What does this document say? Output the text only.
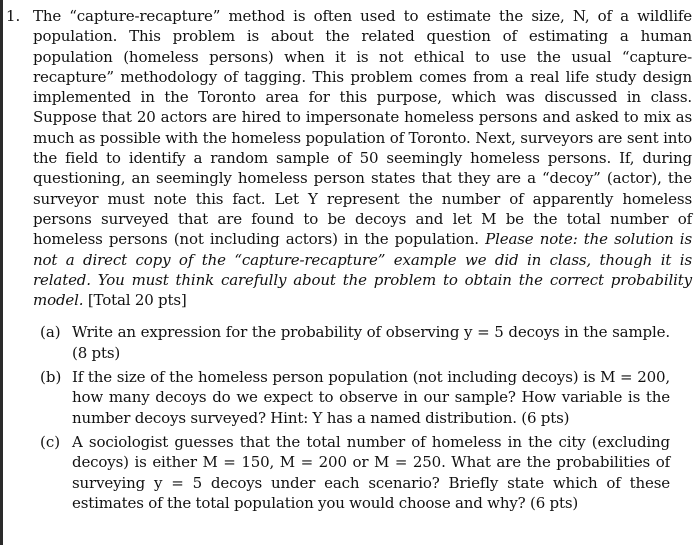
1. The “capture-recapture” method is often used to estimate the size, N, of a wildlife population. This problem is about the related question of estimating a human population (homeless persons) when it is not ethical to use the usual “capture-recapture” methodology of tagging. This problem comes from a real life study design implemented in the Toronto area for this purpose, which was discussed in class. Suppose that 20 actors are hired to impersonate homeless persons and asked to mix as much as possible with the homeless population of Toronto. Next, surveyors are sent into the field to identify a random sample of 50 seemingly homeless persons. If, during questioning, an seemingly homeless person states that they are a “decoy” (actor), the surveyor must note this fact. Let Y represent the number of apparently homeless persons surveyed that are found to be decoys and let M be the total number of homeless persons (not including actors) in the population. Please note: the solution is not a direct copy of the “capture-recapture” example we did in class, though it is related. You must think carefully about the problem to obtain the correct probability model. [Total 20 pts]
(a) Write an expression for the probability of observing y = 5 decoys in the sample. (8 pts)
(b) If the size of the homeless person population (not including decoys) is M = 200, how many decoys do we expect to observe in our sample? How variable is the number decoys surveyed? Hint: Y has a named distribution. (6 pts)
(c) A sociologist guesses that the total number of homeless in the city (excluding decoys) is either M = 150, M = 200 or M = 250. What are the probabilities of surveying y = 5 decoys under each scenario? Briefly state which of these estimates of the total population you would choose and why? (6 pts)
